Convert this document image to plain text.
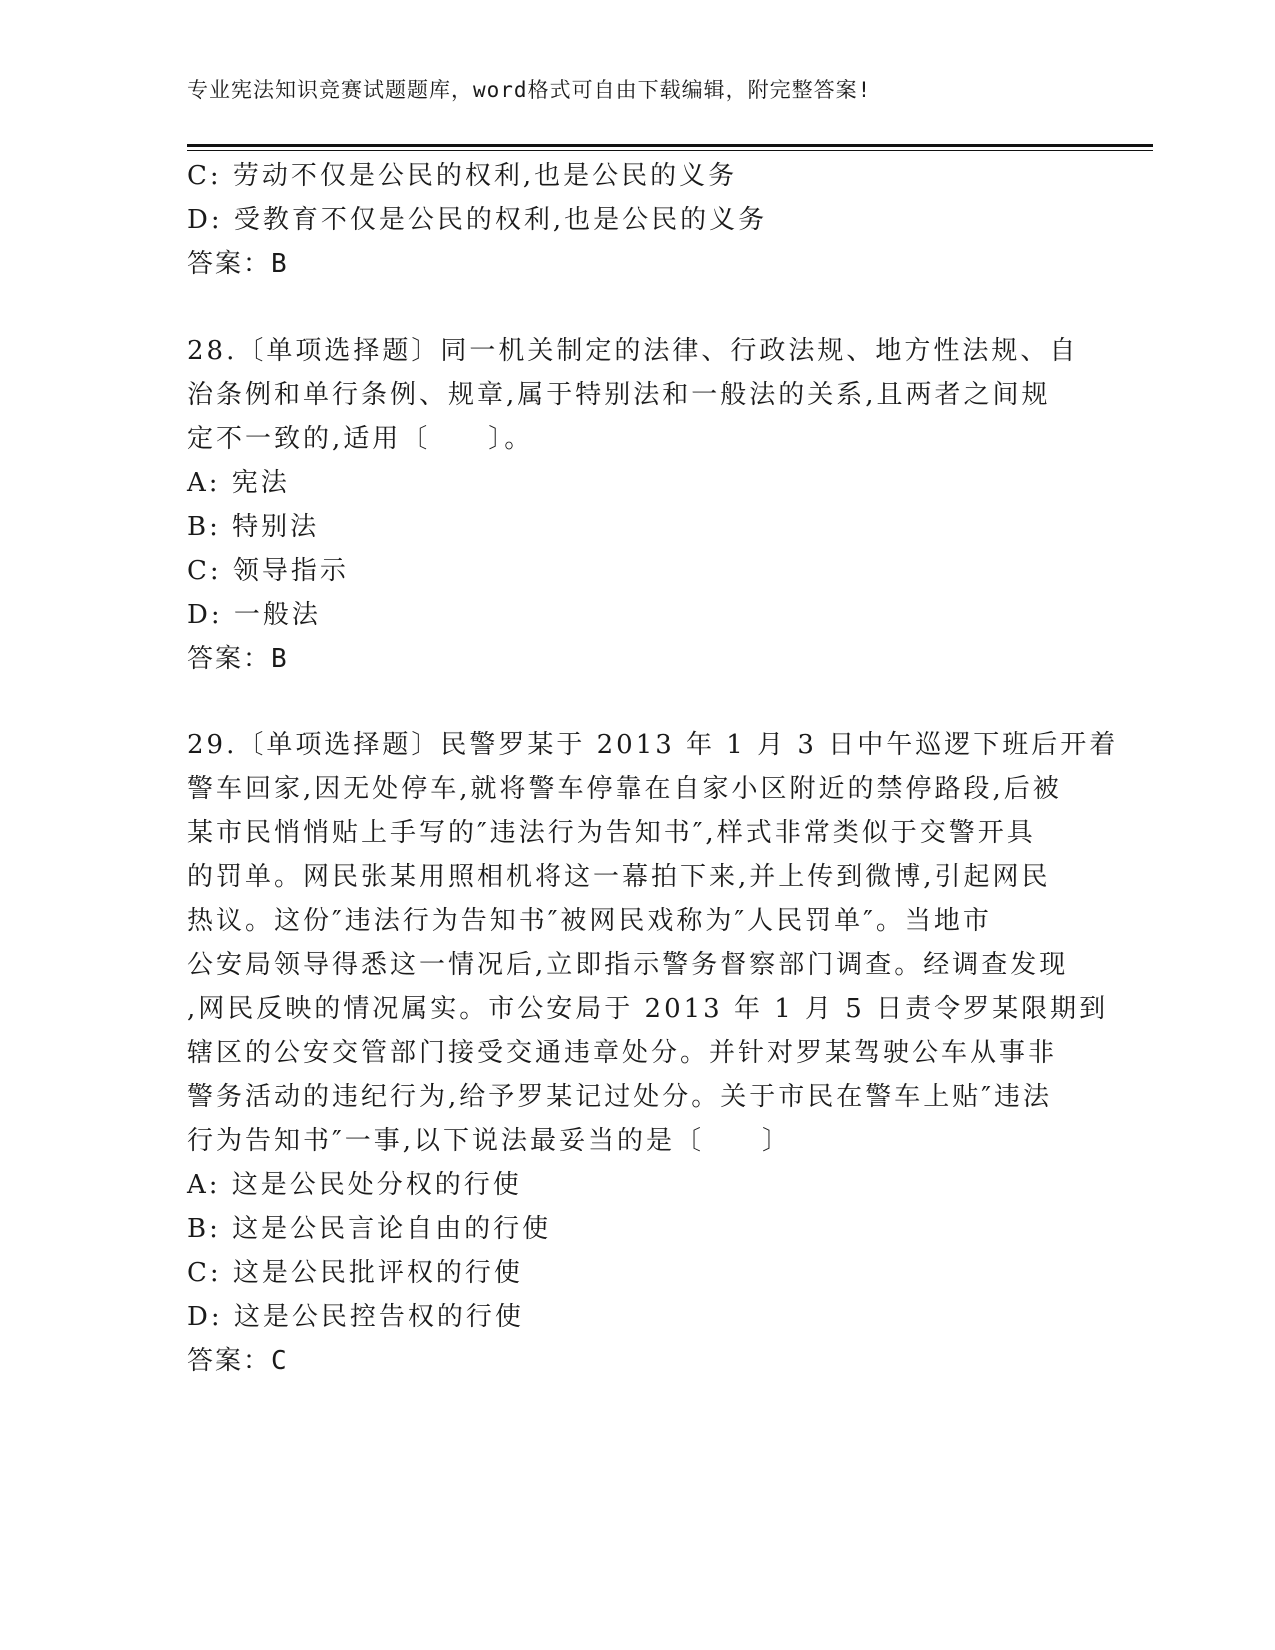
专业宪法知识竞赛试题题库，word格式可自由下载编辑，附完整答案!
C: 劳动不仅是公民的权利,也是公民的义务
D: 受教育不仅是公民的权利,也是公民的义务
答案：B
28.〔单项选择题〕同一机关制定的法律、行政法规、地方性法规、自
治条例和单行条例、规章,属于特别法和一般法的关系,且两者之间规
定不一致的,适用〔　　〕。
A: 宪法
B: 特别法
C: 领导指示
D: 一般法
答案：B
29.〔单项选择题〕民警罗某于 2013 年 1 月 3 日中午巡逻下班后开着
警车回家,因无处停车,就将警车停靠在自家小区附近的禁停路段,后被
某市民悄悄贴上手写的″违法行为告知书″,样式非常类似于交警开具
的罚单。网民张某用照相机将这一幕拍下来,并上传到微博,引起网民
热议。这份″违法行为告知书″被网民戏称为″人民罚单″。当地市
公安局领导得悉这一情况后,立即指示警务督察部门调查。经调查发现
,网民反映的情况属实。市公安局于 2013 年 1 月 5 日责令罗某限期到
辖区的公安交管部门接受交通违章处分。并针对罗某驾驶公车从事非
警务活动的违纪行为,给予罗某记过处分。关于市民在警车上贴″违法
行为告知书″一事,以下说法最妥当的是〔　　〕
A: 这是公民处分权的行使
B: 这是公民言论自由的行使
C: 这是公民批评权的行使
D: 这是公民控告权的行使
答案：C
